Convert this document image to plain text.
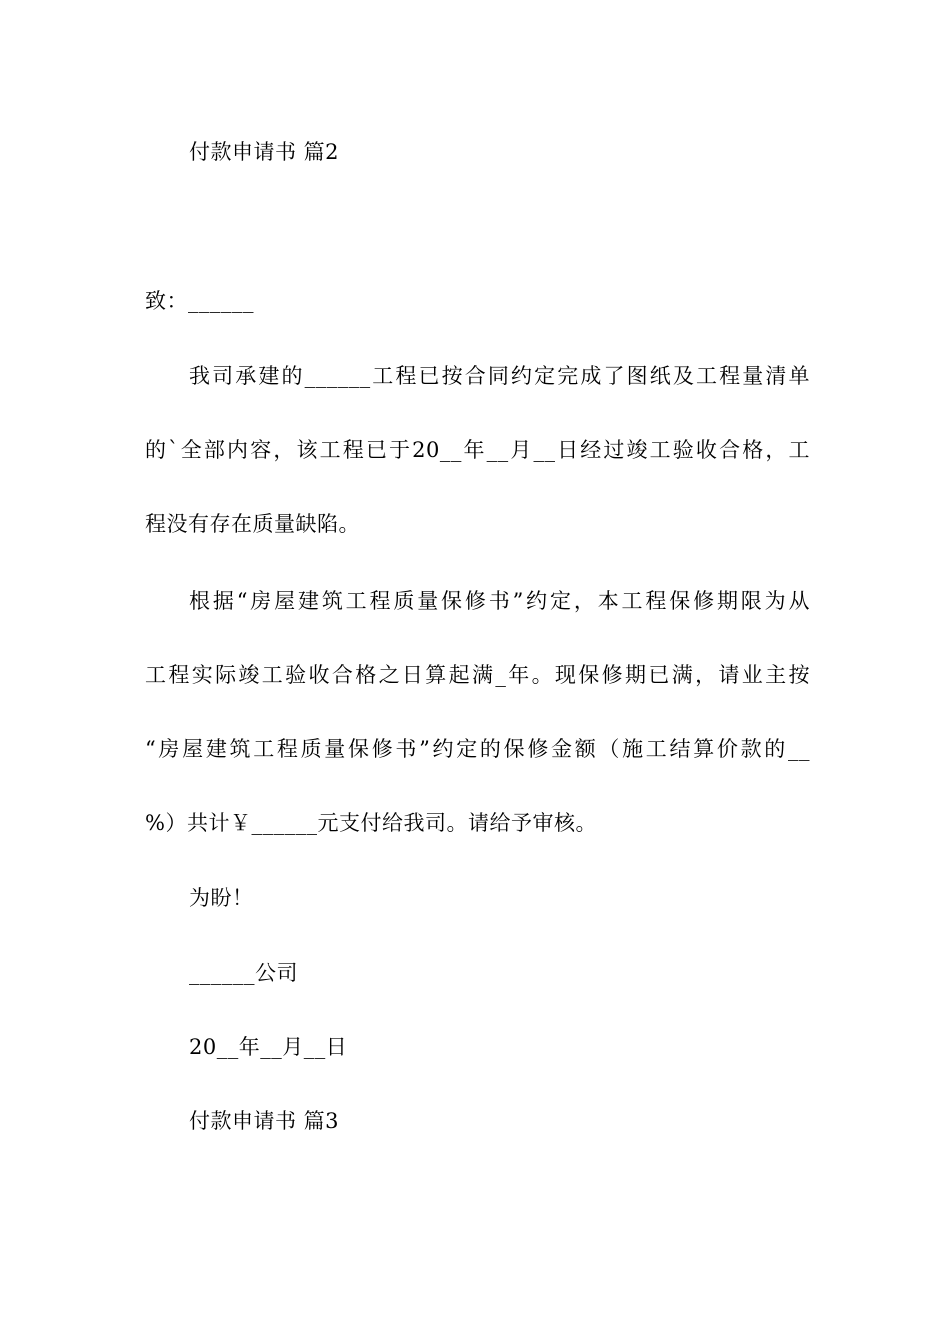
付款申请书 篇2
致：______
我司承建的______工程已按合同约定完成了图纸及工程量清单
的`全部内容，该工程已于20__年__月__日经过竣工验收合格，工
程没有存在质量缺陷。
根据“房屋建筑工程质量保修书”约定，本工程保修期限为从
工程实际竣工验收合格之日算起满_年。现保修期已满，请业主按
“房屋建筑工程质量保修书”约定的保修金额（施工结算价款的__
%）共计￥______元支付给我司。请给予审核。
为盼！
______公司
20__年__月__日
付款申请书 篇3
